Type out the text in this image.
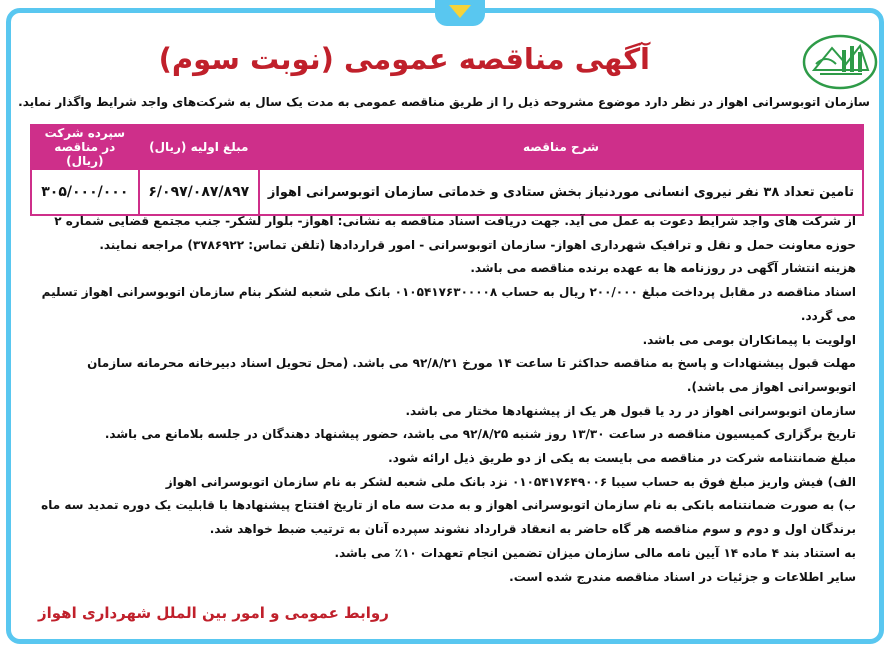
آگهی مناقصه عمومی (نوبت سوم)
سازمان اتوبوسرانی اهواز در نظر دارد موضوع مشروحه ذیل را از طریق مناقصه عمومی به مدت یک سال به شرکت‌های واجد شرایط واگذار نماید.
شرح مناقصه	مبلغ اولیه (ریال)	سپرده شرکت در مناقصه (ریال)
تامین تعداد ۳۸ نفر نیروی انسانی موردنیاز بخش ستادی و خدماتی سازمان اتوبوسرانی اهواز	۶/۰۹۷/۰۸۷/۸۹۷	۳۰۵/۰۰۰/۰۰۰

از شرکت های واجد شرایط دعوت به عمل می آید. جهت دریافت اسناد مناقصه به نشانی: اهواز- بلوار لشکر- جنب مجتمع قضایی شماره ۲ حوزه معاونت حمل و نقل و ترافیک شهرداری اهواز- سازمان اتوبوسرانی - امور قراردادها (تلفن تماس: ۳۷۸۶۹۲۲) مراجعه نمایند.

هزینه انتشار آگهی در روزنامه ها به عهده برنده مناقصه می باشد.

اسناد مناقصه در مقابل پرداخت مبلغ ۲۰۰/۰۰۰ ریال به حساب ۰۱۰۵۴۱۷۶۳۰۰۰۰۸ بانک ملی شعبه لشکر بنام سازمان اتوبوسرانی اهواز تسلیم می گردد.

اولویت با پیمانکاران بومی می باشد.

مهلت قبول پیشنهادات و پاسخ به مناقصه حداکثر تا ساعت ۱۴ مورخ ۹۲/۸/۲۱ می باشد. (محل تحویل اسناد دبیرخانه محرمانه سازمان اتوبوسرانی اهواز می باشد).

سازمان اتوبوسرانی اهواز در رد یا قبول هر یک از پیشنهادها مختار می باشد.

تاریخ برگزاری کمیسیون مناقصه در ساعت ۱۳/۳۰ روز شنبه ۹۲/۸/۲۵ می باشد، حضور پیشنهاد دهندگان در جلسه بلامانع می باشد.

مبلغ ضمانتنامه شرکت در مناقصه می بایست به یکی از دو طریق ذیل ارائه شود.

الف) فیش واریز مبلغ فوق به حساب سیبا ۰۱۰۵۴۱۷۶۴۹۰۰۶ نزد بانک ملی شعبه لشکر به نام سازمان اتوبوسرانی اهواز

ب) به صورت ضمانتنامه بانکی به نام سازمان اتوبوسرانی اهواز و به مدت سه ماه از تاریخ افتتاح پیشنهادها با قابلیت یک دوره تمدید سه ماه

برندگان اول و دوم و سوم مناقصه هر گاه حاضر به انعقاد قرارداد نشوند سپرده آنان به ترتیب ضبط خواهد شد.

به استناد بند ۴ ماده ۱۴ آیین نامه مالی سازمان میزان تضمین انجام تعهدات ۱۰٪ می باشد.

سایر اطلاعات و جزئیات در اسناد مناقصه مندرج شده است.

روابط عمومی و امور بین الملل شهرداری اهواز
